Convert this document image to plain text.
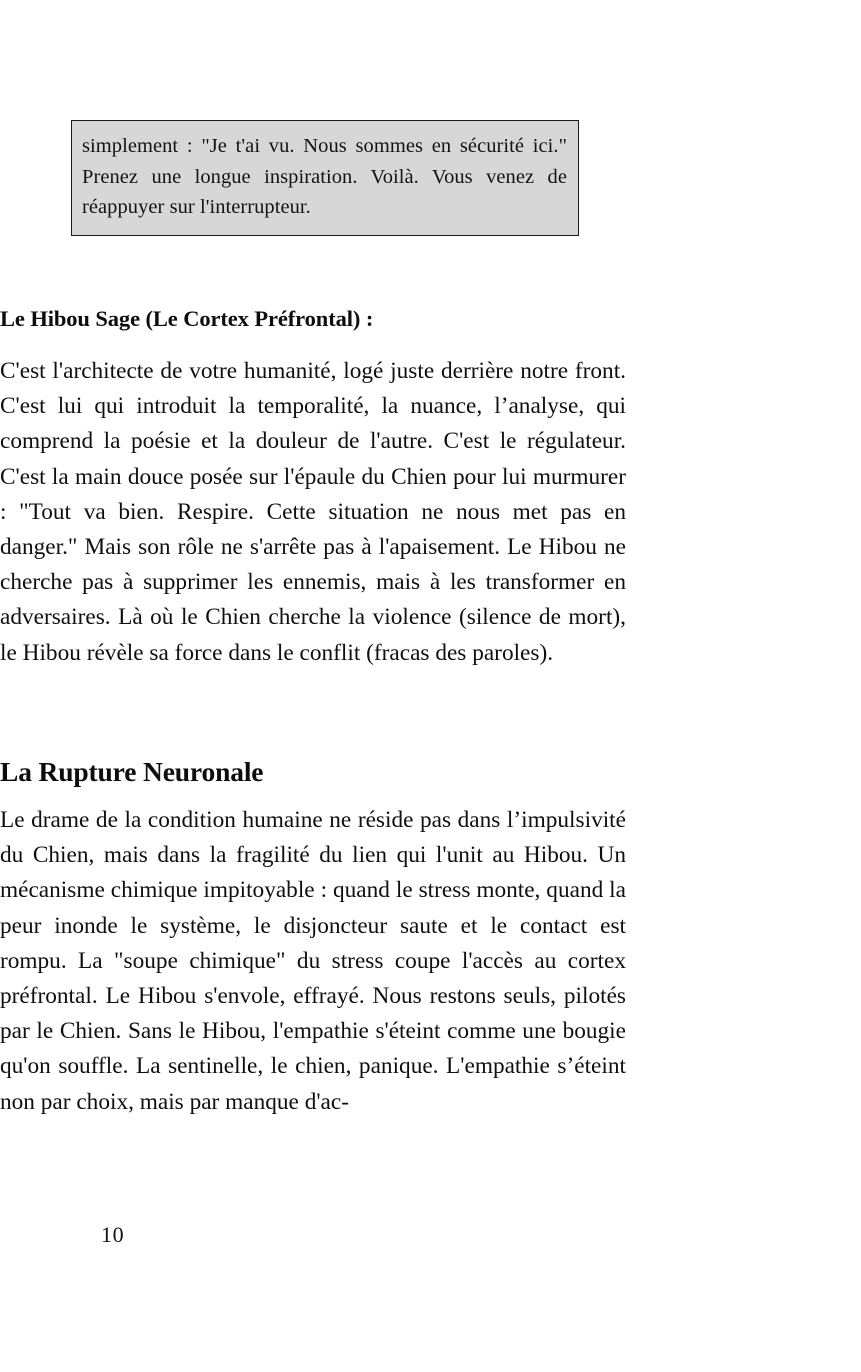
simplement : "Je t'ai vu. Nous sommes en sécurité ici." Prenez une longue inspiration. Voilà. Vous venez de réappuyer sur l'interrupteur.

Le Hibou Sage (Le Cortex Préfrontal) :

C'est l'architecte de votre humanité, logé juste derrière notre front. C'est lui qui introduit la temporalité, la nuance, l’analyse, qui comprend la poésie et la douleur de l'autre. C'est le régulateur. C'est la main douce posée sur l'épaule du Chien pour lui murmurer : "Tout va bien. Respire. Cette situation ne nous met pas en danger." Mais son rôle ne s'arrête pas à l'apaisement. Le Hibou ne cherche pas à supprimer les ennemis, mais à les transformer en adversaires. Là où le Chien cherche la violence (silence de mort), le Hibou révèle sa force dans le conflit (fracas des paroles).

La Rupture Neuronale

Le drame de la condition humaine ne réside pas dans l’impulsivité du Chien, mais dans la fragilité du lien qui l'unit au Hibou. Un mécanisme chimique impitoyable : quand le stress monte, quand la peur inonde le système, le disjoncteur saute et le contact est rompu. La "soupe chimique" du stress coupe l'accès au cortex préfrontal. Le Hibou s'envole, effrayé. Nous restons seuls, pilotés par le Chien. Sans le Hibou, l'empathie s'éteint comme une bougie qu'on souffle. La sentinelle, le chien, panique. L'empathie s’éteint non par choix, mais par manque d'ac-

10
